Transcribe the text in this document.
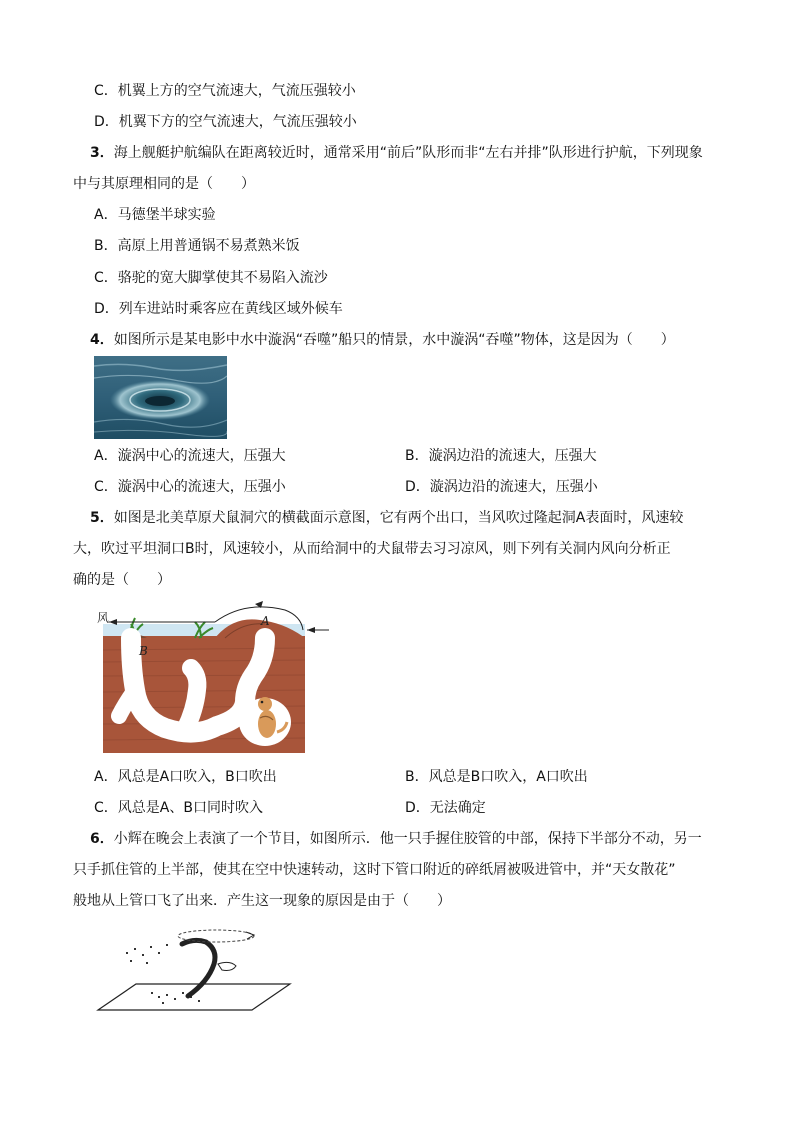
C．机翼上方的空气流速大，气流压强较小
D．机翼下方的空气流速大，气流压强较小
3．海上舰艇护航编队在距离较近时，通常采用“前后”队形而非“左右并排”队形进行护航，下列现象
中与其原理相同的是（　　）
A．马德堡半球实验
B．高原上用普通锅不易煮熟米饭
C．骆驼的宽大脚掌使其不易陷入流沙
D．列车进站时乘客应在黄线区域外候车
4．如图所示是某电影中水中漩涡“吞噬”船只的情景，水中漩涡“吞噬”物体，这是因为（　　）
A．漩涡中心的流速大，压强大	B．漩涡边沿的流速大，压强大
C．漩涡中心的流速大，压强小	D．漩涡边沿的流速大，压强小
5．如图是北美草原犬鼠洞穴的横截面示意图，它有两个出口，当风吹过隆起洞A表面时，风速较
大，吹过平坦洞口B时，风速较小，从而给洞中的犬鼠带去习习凉风，则下列有关洞内风向分析正
确的是（　　）
风	A
B
A．风总是A口吹入，B口吹出	B．风总是B口吹入，A口吹出
C．风总是A、B口同时吹入	D．无法确定
6．小辉在晚会上表演了一个节目，如图所示．他一只手握住胶管的中部，保持下半部分不动，另一
只手抓住管的上半部，使其在空中快速转动，这时下管口附近的碎纸屑被吸进管中，并“天女散花”
般地从上管口飞了出来．产生这一现象的原因是由于（　　）
